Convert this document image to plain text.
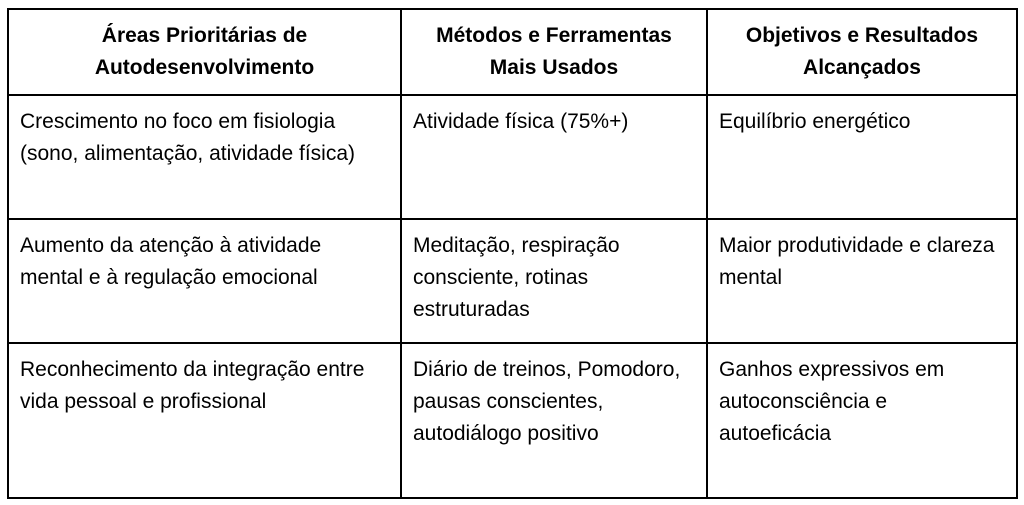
Áreas Prioritárias de Autodesenvolvimento	Métodos e Ferramentas Mais Usados	Objetivos e Resultados Alcançados
Crescimento no foco em fisiologia (sono, alimentação, atividade física)	Atividade física (75%+)	Equilíbrio energético
Aumento da atenção à atividade mental e à regulação emocional	Meditação, respiração consciente, rotinas estruturadas	Maior produtividade e clareza mental
Reconhecimento da integração entre vida pessoal e profissional	Diário de treinos, Pomodoro, pausas conscientes, autodiálogo positivo	Ganhos expressivos em autoconsciência e autoeficácia
